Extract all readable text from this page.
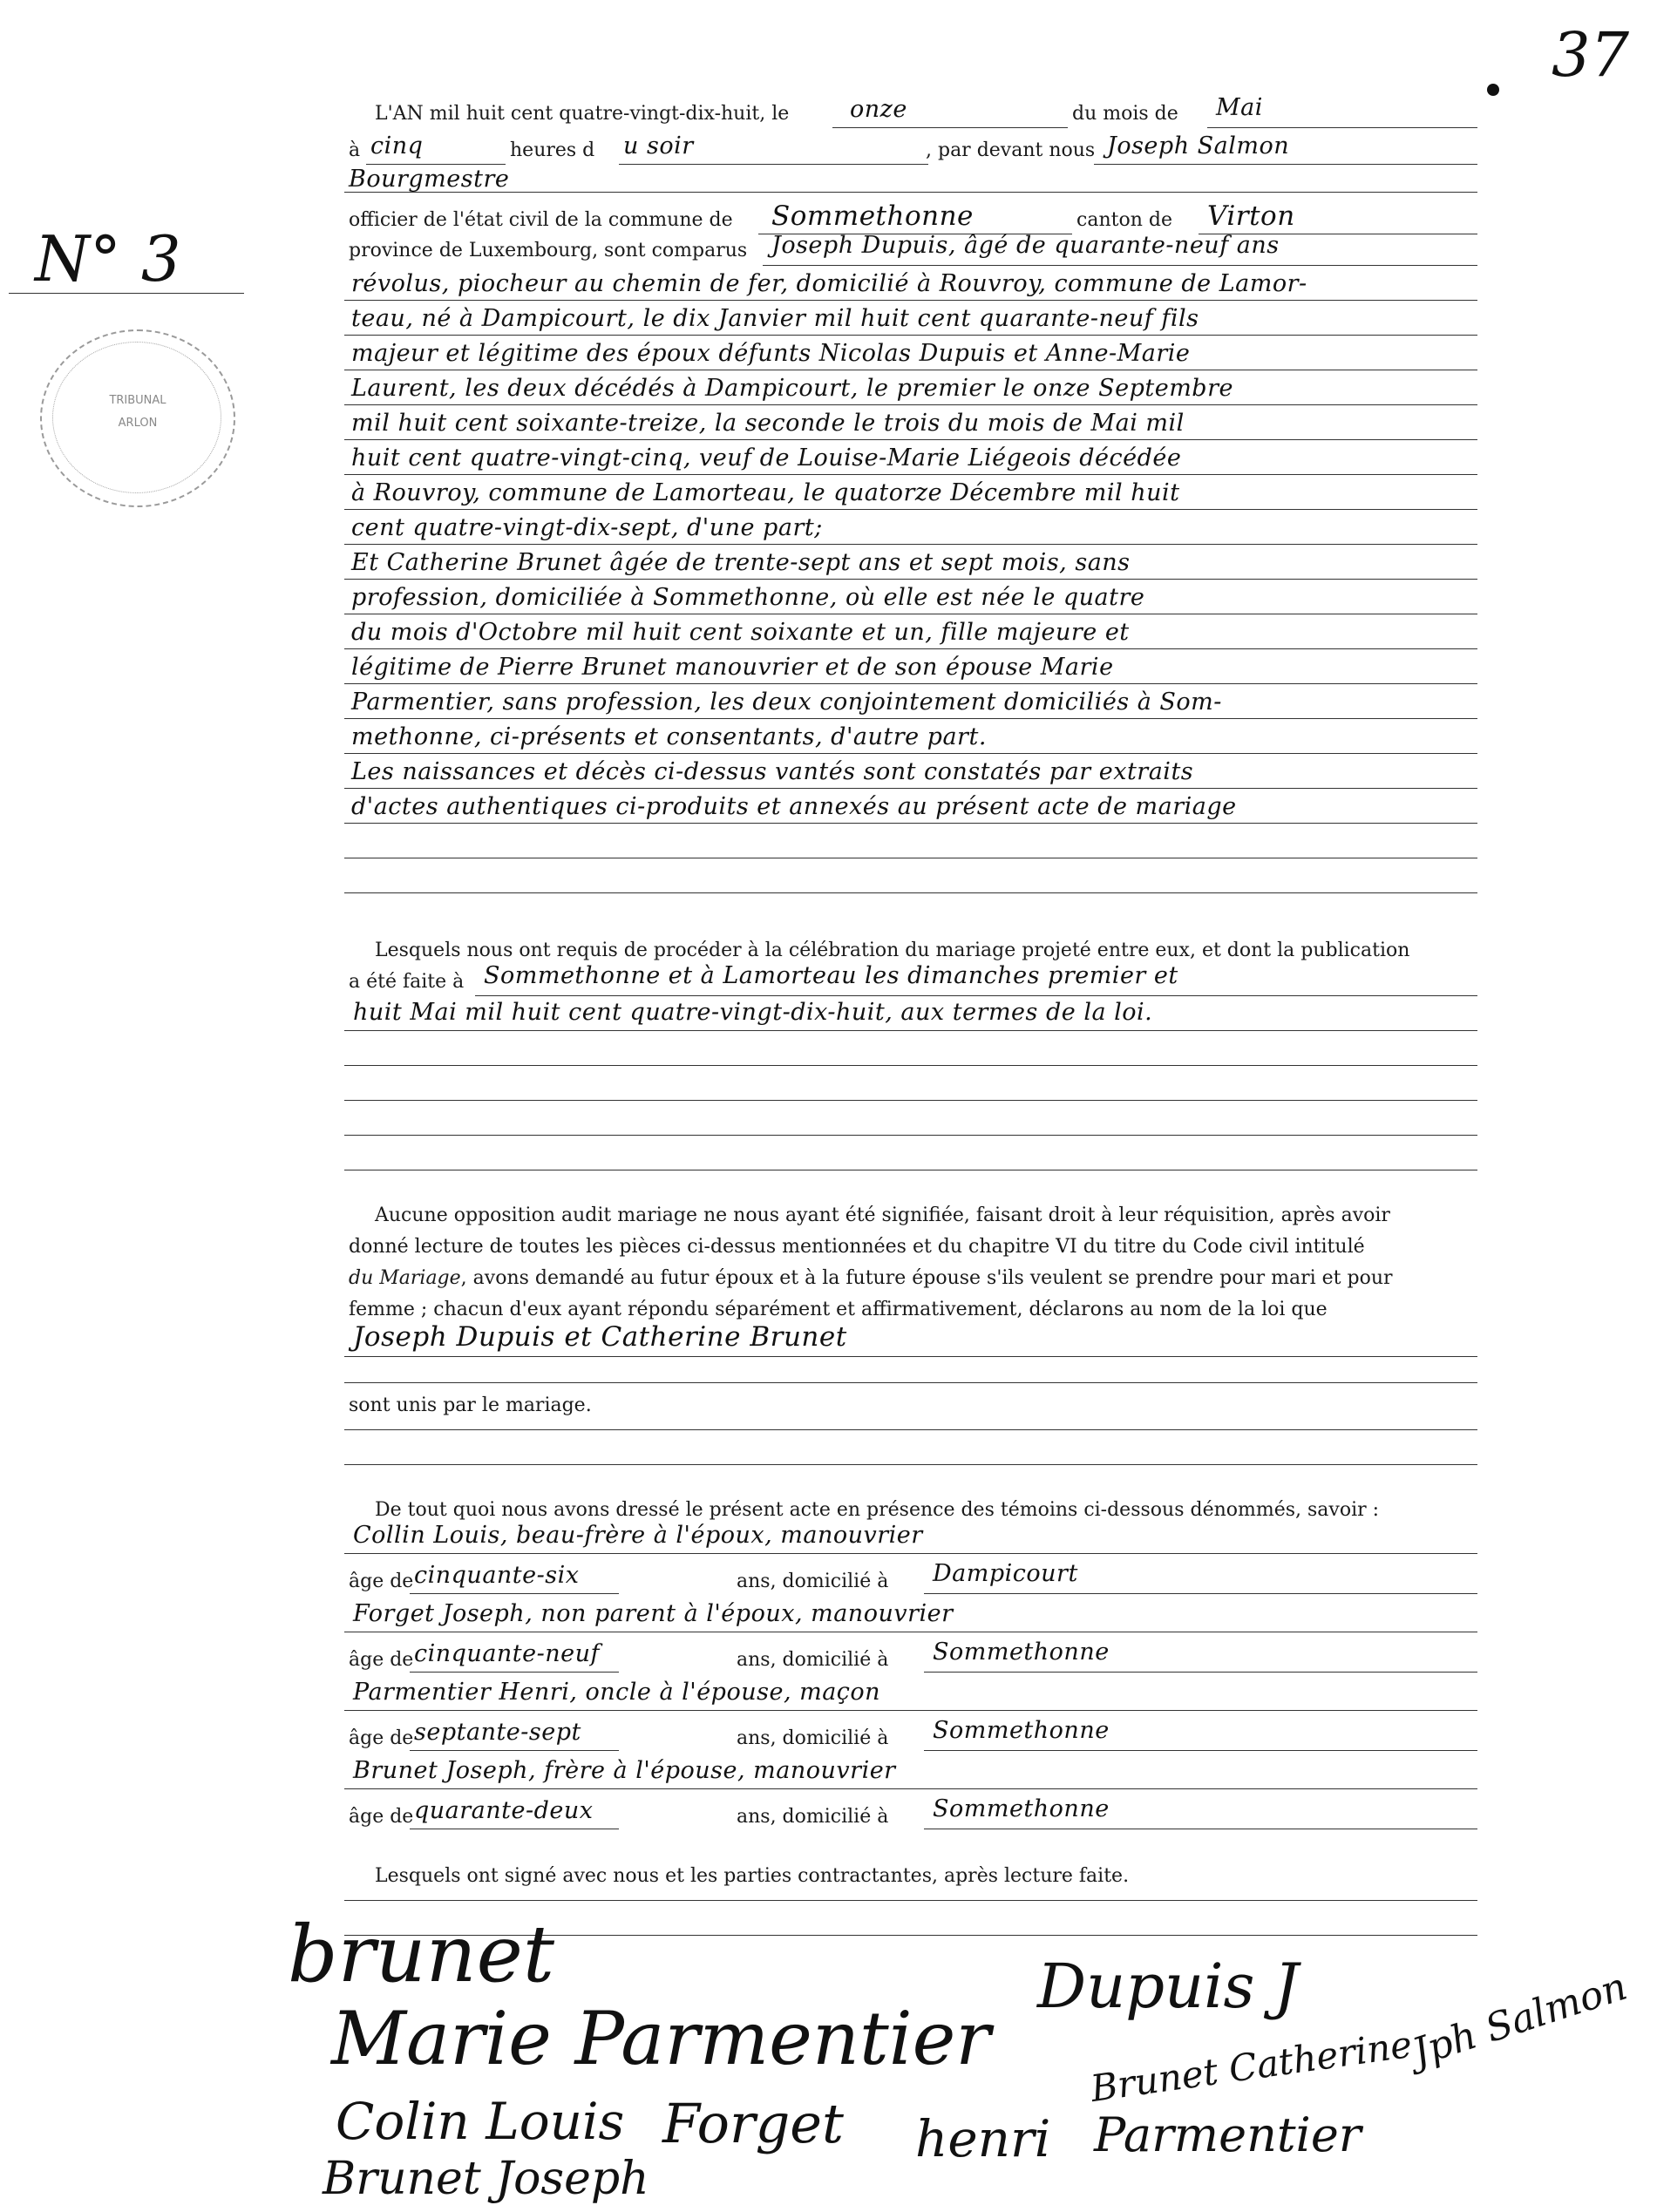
37
N° 3
TRIBUNAL
ARLON
L'AN mil huit cent quatre-vingt-dix-huit, le	onze	du mois de Mai
à cinq	heures d u soir	, par devant nous Joseph Salmon
Bourgmestre
officier de l'état civil de la commune de Sommethonne	canton de Virton
province de Luxembourg, sont comparus Joseph Dupuis, âgé de quarante-neuf ans
révolus, piocheur au chemin de fer, domicilié à Rouvroy, commune de Lamor-
teau, né à Dampicourt, le dix Janvier mil huit cent quarante-neuf fils
majeur et légitime des époux défunts Nicolas Dupuis et Anne-Marie
Laurent, les deux décédés à Dampicourt, le premier le onze Septembre
mil huit cent soixante-treize, la seconde le trois du mois de Mai mil
huit cent quatre-vingt-cinq, veuf de Louise-Marie Liégeois décédée
à Rouvroy, commune de Lamorteau, le quatorze Décembre mil huit
cent quatre-vingt-dix-sept, d'une part;
Et Catherine Brunet âgée de trente-sept ans et sept mois, sans
profession, domiciliée à Sommethonne, où elle est née le quatre
du mois d'Octobre mil huit cent soixante et un, fille majeure et
légitime de Pierre Brunet manouvrier et de son épouse Marie
Parmentier, sans profession, les deux conjointement domiciliés à Som-
methonne, ci-présents et consentants, d'autre part.
Les naissances et décès ci-dessus vantés sont constatés par extraits
d'actes authentiques ci-produits et annexés au présent acte de mariage
Lesquels nous ont requis de procéder à la célébration du mariage projeté entre eux, et dont la publication
a été faite à Sommethonne et à Lamorteau les dimanches premier et
huit Mai mil huit cent quatre-vingt-dix-huit, aux termes de la loi.
Aucune opposition audit mariage ne nous ayant été signifiée, faisant droit à leur réquisition, après avoir
donné lecture de toutes les pièces ci-dessus mentionnées et du chapitre VI du titre du Code civil intitulé
du Mariage, avons demandé au futur époux et à la future épouse s'ils veulent se prendre pour mari et pour
femme ; chacun d'eux ayant répondu séparément et affirmativement, déclarons au nom de la loi que
Joseph Dupuis et Catherine Brunet
sont unis par le mariage.
De tout quoi nous avons dressé le présent acte en présence des témoins ci-dessous dénommés, savoir :
Collin Louis, beau-frère à l'époux, manouvrier
âge de cinquante-six	ans, domicilié à Dampicourt
Forget Joseph, non parent à l'époux, manouvrier
âge de cinquante-neuf	ans, domicilié à Sommethonne
Parmentier Henri, oncle à l'épouse, maçon
âge de septante-sept	ans, domicilié à Sommethonne
Brunet Joseph, frère à l'épouse, manouvrier
âge de quarante-deux	ans, domicilié à Sommethonne
Lesquels ont signé avec nous et les parties contractantes, après lecture faite.
brunet
Marie Parmentier
Dupuis J	Jph Salmon
Brunet Catherine
Colin Louis Forget henri Parmentier
Brunet Joseph
